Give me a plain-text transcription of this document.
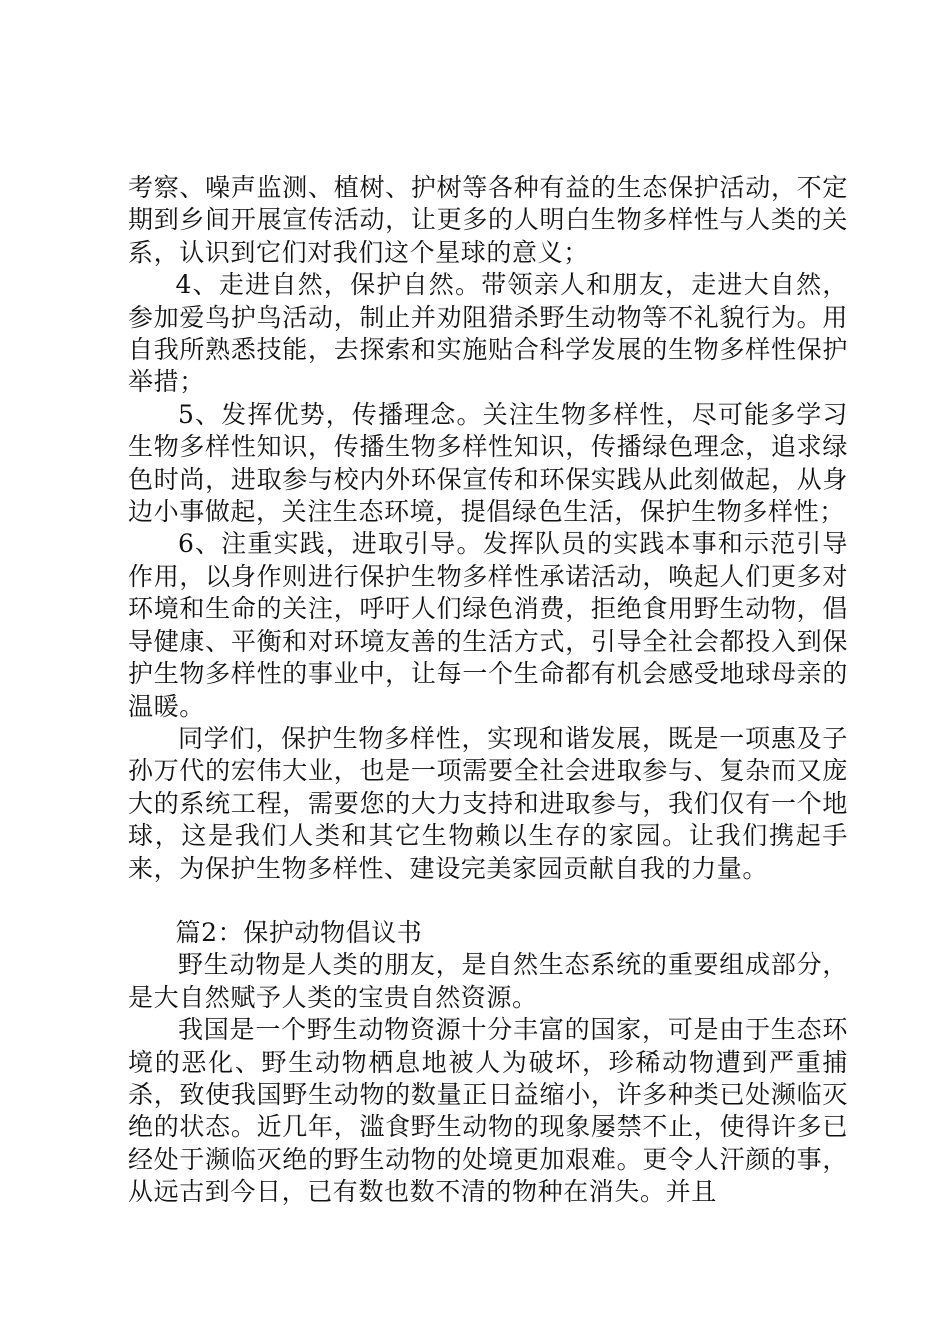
考察、噪声监测、植树、护树等各种有益的生态保护活动，不定期到乡间开展宣传活动，让更多的人明白生物多样性与人类的关系，认识到它们对我们这个星球的意义；

4、走进自然，保护自然。带领亲人和朋友，走进大自然，参加爱鸟护鸟活动，制止并劝阻猎杀野生动物等不礼貌行为。用自我所熟悉技能，去探索和实施贴合科学发展的生物多样性保护举措；

5、发挥优势，传播理念。关注生物多样性，尽可能多学习生物多样性知识，传播生物多样性知识，传播绿色理念，追求绿色时尚，进取参与校内外环保宣传和环保实践从此刻做起，从身边小事做起，关注生态环境，提倡绿色生活，保护生物多样性；

6、注重实践，进取引导。发挥队员的实践本事和示范引导作用，以身作则进行保护生物多样性承诺活动，唤起人们更多对环境和生命的关注，呼吁人们绿色消费，拒绝食用野生动物，倡导健康、平衡和对环境友善的生活方式，引导全社会都投入到保护生物多样性的事业中，让每一个生命都有机会感受地球母亲的温暖。

同学们，保护生物多样性，实现和谐发展，既是一项惠及子孙万代的宏伟大业，也是一项需要全社会进取参与、复杂而又庞大的系统工程，需要您的大力支持和进取参与，我们仅有一个地球，这是我们人类和其它生物赖以生存的家园。让我们携起手来，为保护生物多样性、建设完美家园贡献自我的力量。

篇2：保护动物倡议书

野生动物是人类的朋友，是自然生态系统的重要组成部分，是大自然赋予人类的宝贵自然资源。

我国是一个野生动物资源十分丰富的国家，可是由于生态环境的恶化、野生动物栖息地被人为破坏，珍稀动物遭到严重捕杀，致使我国野生动物的数量正日益缩小，许多种类已处濒临灭绝的状态。近几年，滥食野生动物的现象屡禁不止，使得许多已经处于濒临灭绝的野生动物的处境更加艰难。更令人汗颜的事，从远古到今日，已有数也数不清的物种在消失。并且
